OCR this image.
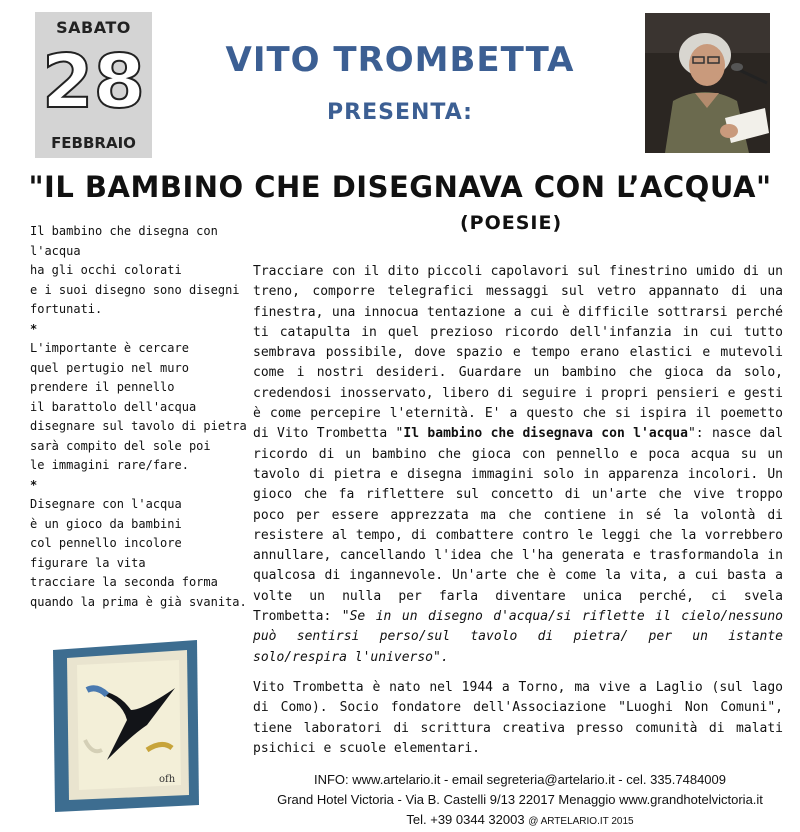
SABATO
28
FEBBRAIO
VITO TROMBETTA
PRESENTA:
"IL BAMBINO CHE DISEGNAVA CON L’ACQUA"
(POESIE)
Il bambino che disegna con
l'acqua
ha gli occhi colorati
e i suoi disegno sono disegni
fortunati.
*
L'importante è cercare
quel pertugio nel muro
prendere il pennello
il barattolo dell'acqua
disegnare sul tavolo di pietra
sarà compito del sole poi
le immagini rare/fare.
*
Disegnare con l'acqua
è un gioco da bambini
col pennello incolore
figurare la vita
tracciare la seconda forma
quando la prima è già svanita.

Tracciare con il dito piccoli capolavori sul finestrino umido di un treno, comporre telegrafici messaggi sul vetro appannato di una finestra, una innocua tentazione a cui è difficile sottrarsi perché ti catapulta in quel prezioso ricordo dell'infanzia in cui tutto sembrava possibile, dove spazio e tempo erano elastici e mutevoli come i nostri desideri. Guardare un bambino che gioca da solo, credendosi inosservato, libero di seguire i propri pensieri e gesti è come percepire l'eternità. E' a questo che si ispira il poemetto di Vito Trombetta "Il bambino che disegnava con l'acqua": nasce dal ricordo di un bambino che gioca con pennello e poca acqua su un tavolo di pietra e disegna immagini solo in apparenza incolori. Un gioco che fa riflettere sul concetto di un'arte che vive troppo poco per essere apprezzata ma che contiene in sé la volontà di resistere al tempo, di combattere contro le leggi che la vorrebbero annullare, cancellando l'idea che l'ha generata e trasformandola in qualcosa di ingannevole. Un'arte che è come la vita, a cui basta a volte un nulla per farla diventare unica perché, ci svela Trombetta: "Se in un disegno d'acqua/si riflette il cielo/nessuno può sentirsi perso/sul tavolo di pietra/ per un istante solo/respira l'universo".

Vito Trombetta è nato nel 1944 a Torno, ma vive a Laglio (sul lago di Como). Socio fondatore dell'Associazione "Luoghi Non Comuni", tiene laboratori di scrittura creativa presso comunità di malati psichici e scuole elementari.

ofh	INFO: www.artelario.it - email segreteria@artelario.it - cel. 335.7484009
Grand Hotel Victoria - Via B. Castelli 9/13 22017 Menaggio www.grandhotelvictoria.it
Tel. +39 0344 32003 @ ARTELARIO.IT 2015
